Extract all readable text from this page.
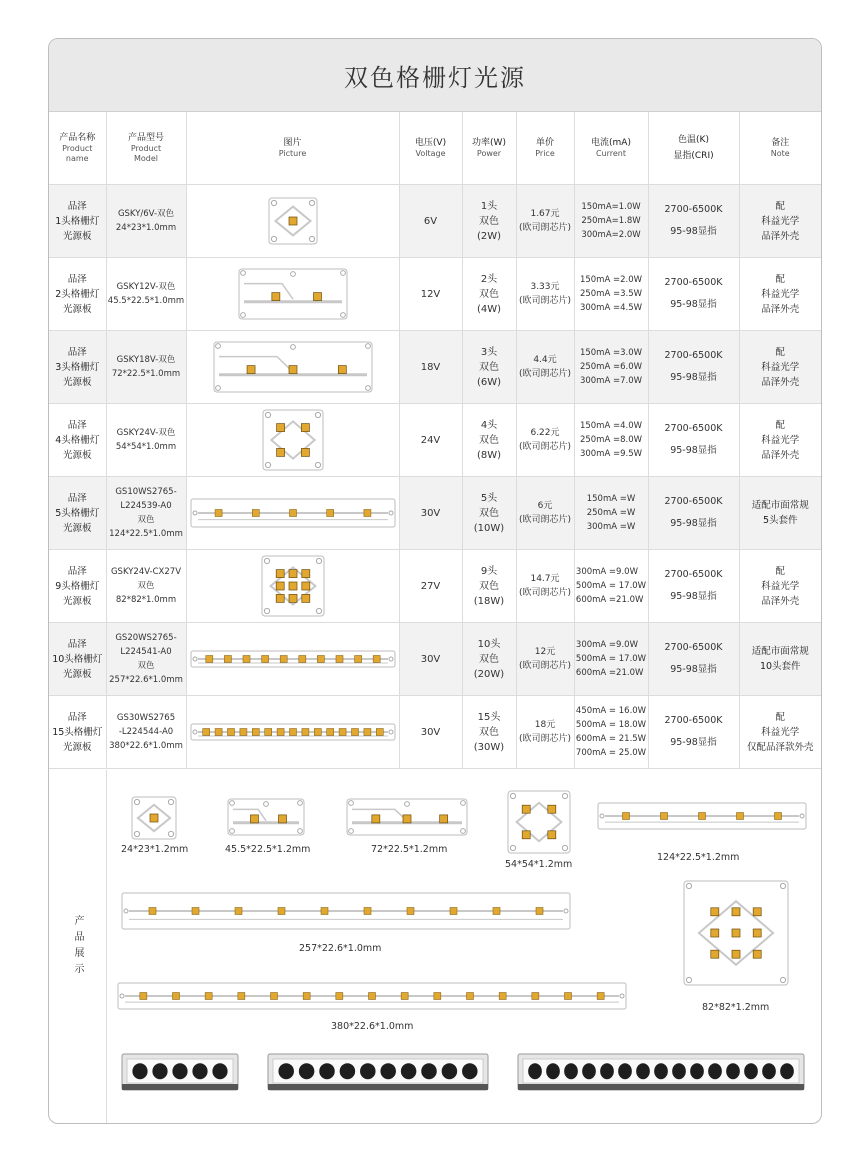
双色格栅灯光源
产品名称
Product
name	产品型号
Product
Model	图片
Picture	电压(V)
Voltage	功率(W)
Power	单价
Price	电流(mA)
Current	色温(K)
显指(CRI)	备注
Note

品泽
1头格栅灯
光源板	GSKY/6V-双色
24*23*1.0mm		6V	1头
双色
(2W)	1.67元
(欧司朗芯片)	150mA=1.0W
250mA=1.8W
300mA=2.0W	2700-6500K
95-98显指	配
科益光学
品泽外壳

品泽
2头格栅灯
光源板	GSKY12V-双色
45.5*22.5*1.0mm		12V	2头
双色
(4W)	3.33元
(欧司朗芯片)	150mA =2.0W
250mA =3.5W
300mA =4.5W	2700-6500K
95-98显指	配
科益光学
品泽外壳

品泽
3头格栅灯
光源板	GSKY18V-双色
72*22.5*1.0mm		18V	3头
双色
(6W)	4.4元
(欧司朗芯片)	150mA =3.0W
250mA =6.0W
300mA =7.0W	2700-6500K
95-98显指	配
科益光学
品泽外壳

品泽
4头格栅灯
光源板	GSKY24V-双色
54*54*1.0mm		24V	4头
双色
(8W)	6.22元
(欧司朗芯片)	150mA =4.0W
250mA =8.0W
300mA =9.5W	2700-6500K
95-98显指	配
科益光学
品泽外壳

品泽
5头格栅灯
光源板	GS10WS2765-
L224539-A0
双色
124*22.5*1.0mm		30V	5头
双色
(10W)	6元
(欧司朗芯片)	150mA =W
250mA =W
300mA =W	2700-6500K
95-98显指	适配市面常规
5头套件

品泽
9头格栅灯
光源板	GSKY24V-CX27V
双色
82*82*1.0mm		27V	9头
双色
(18W)	14.7元
(欧司朗芯片)	300mA =9.0W
500mA = 17.0W
600mA =21.0W	2700-6500K
95-98显指	配
科益光学
品泽外壳

品泽
10头格栅灯
光源板	GS20WS2765-
L224541-A0
双色
257*22.6*1.0mm		30V	10头
双色
(20W)	12元
(欧司朗芯片)	300mA =9.0W
500mA = 17.0W
600mA =21.0W	2700-6500K
95-98显指	适配市面常规
10头套件

品泽
15头格栅灯
光源板	GS30WS2765
-L224544-A0
380*22.6*1.0mm		30V	15头
双色
(30W)	18元
(欧司朗芯片)	450mA = 16.0W
500mA = 18.0W
600mA = 21.5W
700mA = 25.0W	2700-6500K
95-98显指	配
科益光学
仅配品泽款外壳
产品展示
24*23*1.2mm	45.5*22.5*1.2mm	72*22.5*1.2mm
54*54*1.2mm
124*22.5*1.2mm
257*22.6*1.0mm
82*82*1.2mm
380*22.6*1.0mm
